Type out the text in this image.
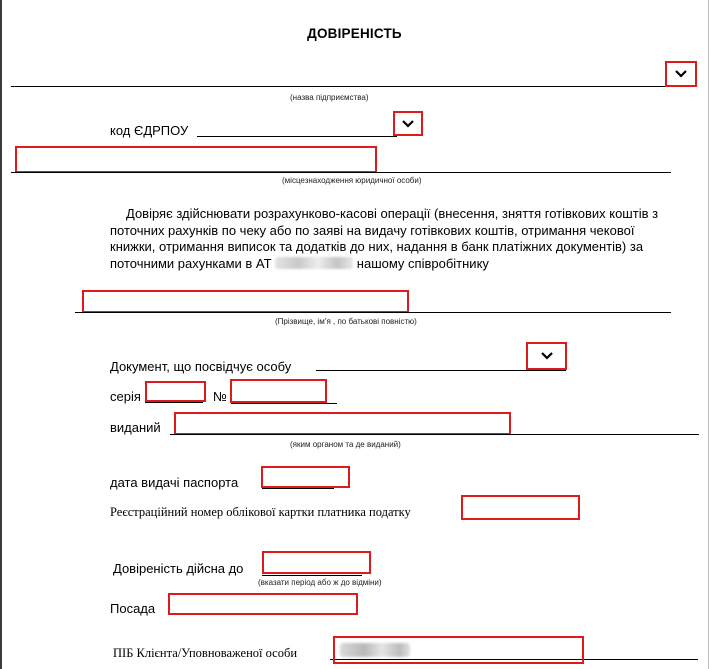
ДОВІРЕНІСТЬ
(назва підприємства)
код ЄДРПОУ
(місцезнаходження юридичної особи)
Довіряє здійснювати розрахунково-касові операції (внесення, зняття готівкових коштів з поточних рахунків по чеку або по заяві на видачу готівкових коштів, отримання чекової книжки, отримання виписок та додатків до них, надання в банк платіжних документів) за поточними рахунками в АТ	нашому співробітнику
(Прізвище, ім’я , по батькові повністю)
Документ, що посвідчує особу
серія	№
виданий
(яким органом та де виданий)
дата видачі паспорта
Реєстраційний номер облікової картки платника податку
Довіреність дійсна до
(вказати період або ж до відміни)
Посада
ПІБ Клієнта/Уповноваженої особи
